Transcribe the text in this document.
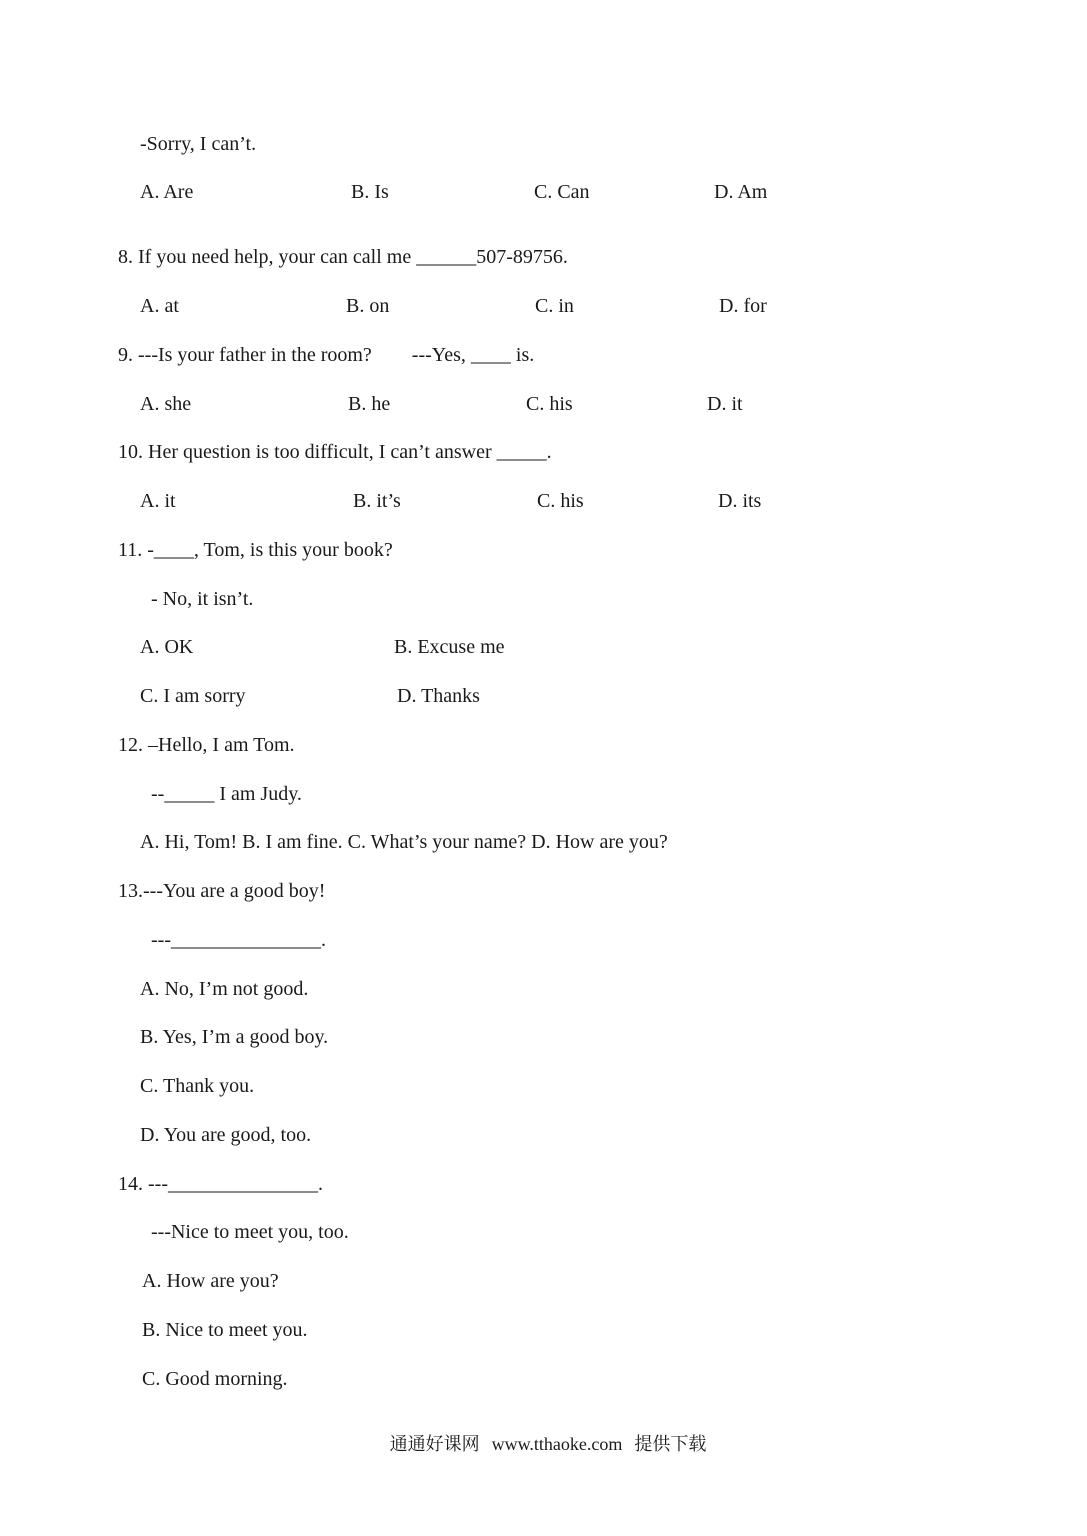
-Sorry, I can’t.
A. Are	B. Is	C. Can	D. Am
8. If you need help, your can call me ______507-89756.
A. at	B. on	C. in	D. for
9. ---Is your father in the room?        ---Yes, ____ is.
A. she	B. he	C. his	D. it
10. Her question is too difficult, I can’t answer _____.
A. it	B. it’s	C. his	D. its
11. -____, Tom, is this your book?
- No, it isn’t.
A. OK	B. Excuse me
C. I am sorry	D. Thanks
12. –Hello, I am Tom.
--_____ I am Judy.
A. Hi, Tom! B. I am fine. C. What’s your name? D. How are you?
13.---You are a good boy!
---_______________.
A. No, I’m not good.
B. Yes, I’m a good boy.
C. Thank you.
D. You are good, too.
14. ---_______________.
---Nice to meet you, too.
A. How are you?
B. Nice to meet you.
C. Good morning.

通通好课网 www.tthaoke.com 提供下载
